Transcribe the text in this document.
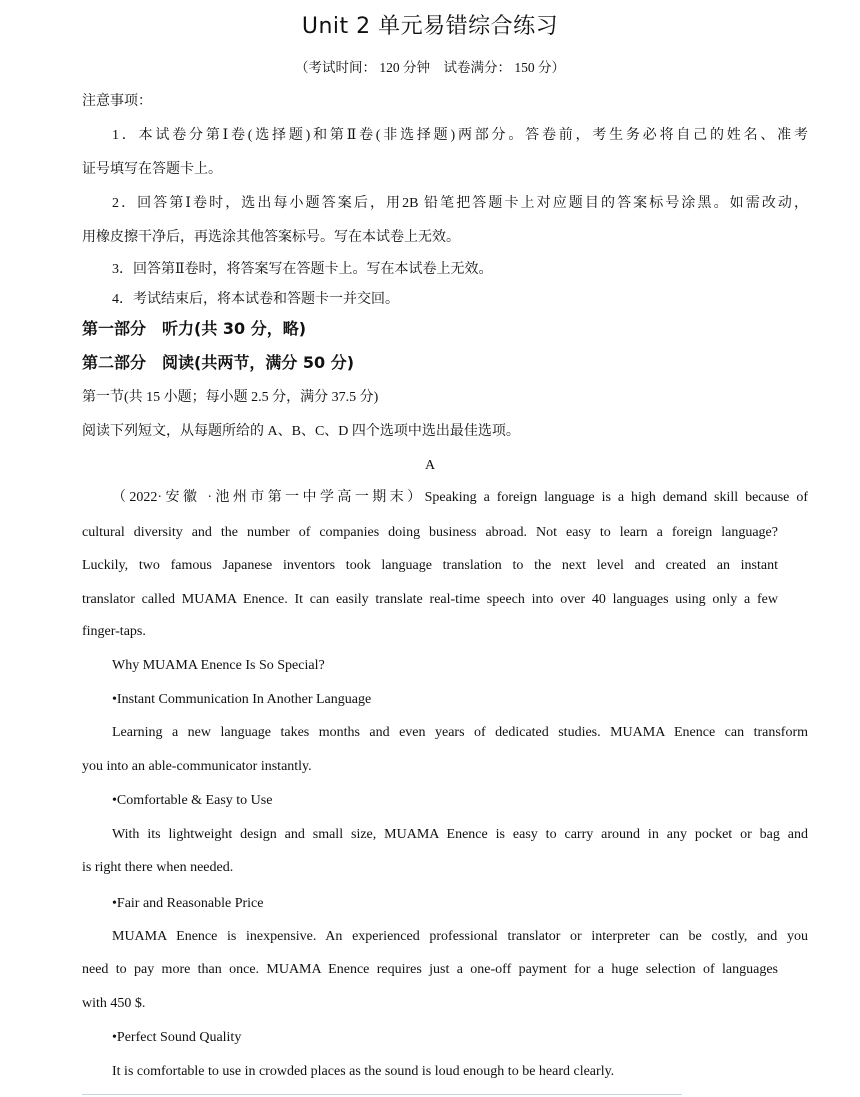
Unit 2 单元易错综合练习
（考试时间： 120 分钟　试卷满分： 150 分）
注意事项：
1．本试卷分第Ⅰ卷(选择题)和第Ⅱ卷(非选择题)两部分。答卷前，考生务必将自己的姓名、准考
证号填写在答题卡上。
2．回答第Ⅰ卷时，选出每小题答案后，用2B 铅笔把答题卡上对应题目的答案标号涂黑。如需改动，
用橡皮擦干净后，再选涂其他答案标号。写在本试卷上无效。
3．回答第Ⅱ卷时，将答案写在答题卡上。写在本试卷上无效。
4．考试结束后，将本试卷和答题卡一并交回。
第一部分　听力(共 30 分，略)
第二部分　阅读(共两节，满分 50 分)
第一节(共 15 小题；每小题 2.5 分，满分 37.5 分)
阅读下列短文，从每题所给的 A、B、C、D 四个选项中选出最佳选项。
A
（2022·安徽 ·池州市第一中学高一期末）Speaking a foreign language is a high demand skill because of
cultural diversity and the number of companies doing business abroad. Not easy to learn a foreign language?
Luckily, two famous Japanese inventors took language translation to the next level and created an instant
translator called MUAMA Enence. It can easily translate real-time speech into over 40 languages using only a few
finger-taps.
Why MUAMA Enence Is So Special?
•Instant Communication In Another Language
Learning a new language takes months and even years of dedicated studies. MUAMA Enence can transform
you into an able-communicator instantly.
•Comfortable & Easy to Use
With its lightweight design and small size, MUAMA Enence is easy to carry around in any pocket or bag and
is right there when needed.
•Fair and Reasonable Price
MUAMA Enence is inexpensive. An experienced professional translator or interpreter can be costly, and you
need to pay more than once. MUAMA Enence requires just a one-off payment for a huge selection of languages
with 450 $.
•Perfect Sound Quality
It is comfortable to use in crowded places as the sound is loud enough to be heard clearly.
